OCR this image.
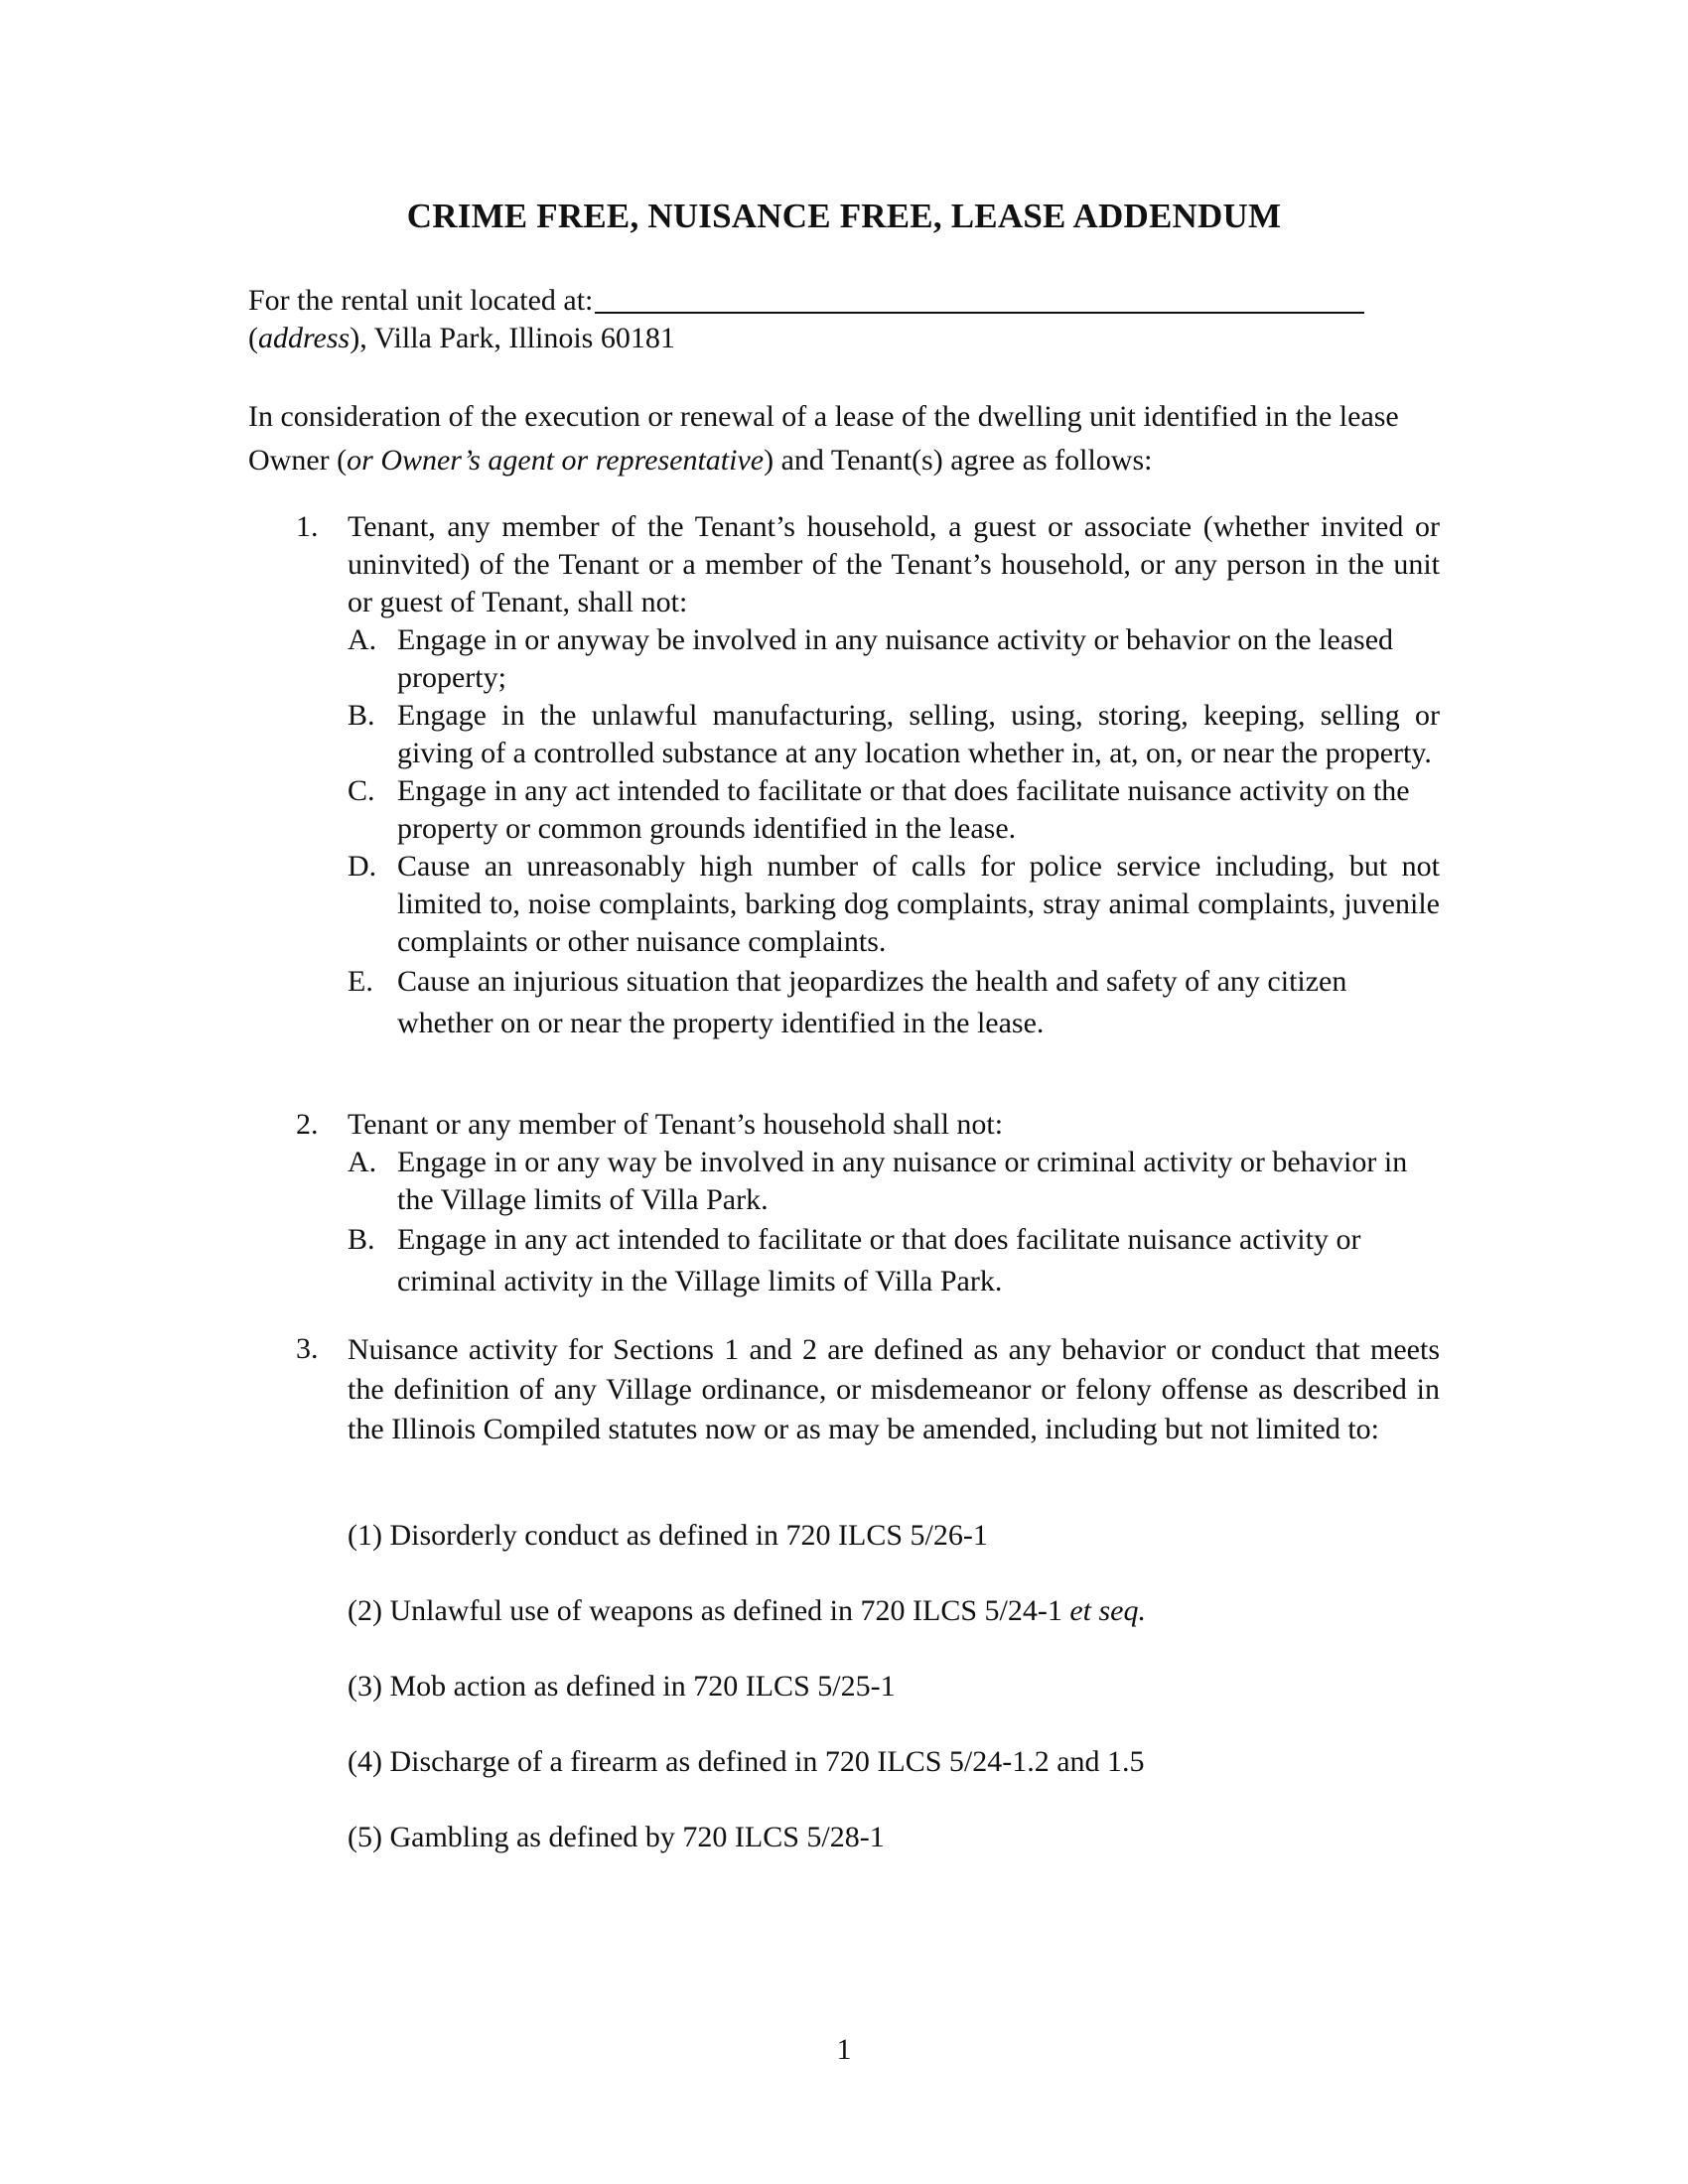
CRIME FREE, NUISANCE FREE, LEASE ADDENDUM
For the rental unit located at:
(address), Villa Park, Illinois 60181
In consideration of the execution or renewal of a lease of the dwelling unit identified in the lease Owner (or Owner’s agent or representative) and Tenant(s) agree as follows:
1. Tenant, any member of the Tenant’s household, a guest or associate (whether invited or uninvited) of the Tenant or a member of the Tenant’s household, or any person in the unit or guest of Tenant, shall not:
A. Engage in or anyway be involved in any nuisance activity or behavior on the leased property;
B. Engage in the unlawful manufacturing, selling, using, storing, keeping, selling or giving of a controlled substance at any location whether in, at, on, or near the property.
C. Engage in any act intended to facilitate or that does facilitate nuisance activity on the property or common grounds identified in the lease.
D. Cause an unreasonably high number of calls for police service including, but not limited to, noise complaints, barking dog complaints, stray animal complaints, juvenile complaints or other nuisance complaints.
E. Cause an injurious situation that jeopardizes the health and safety of any citizen whether on or near the property identified in the lease.
2. Tenant or any member of Tenant’s household shall not:
A. Engage in or any way be involved in any nuisance or criminal activity or behavior in the Village limits of Villa Park.
B. Engage in any act intended to facilitate or that does facilitate nuisance activity or criminal activity in the Village limits of Villa Park.
3. Nuisance activity for Sections 1 and 2 are defined as any behavior or conduct that meets the definition of any Village ordinance, or misdemeanor or felony offense as described in the Illinois Compiled statutes now or as may be amended, including but not limited to:
(1) Disorderly conduct as defined in 720 ILCS 5/26-1
(2) Unlawful use of weapons as defined in 720 ILCS 5/24-1 et seq.
(3) Mob action as defined in 720 ILCS 5/25-1
(4) Discharge of a firearm as defined in 720 ILCS 5/24-1.2 and 1.5
(5) Gambling as defined by 720 ILCS 5/28-1
1
